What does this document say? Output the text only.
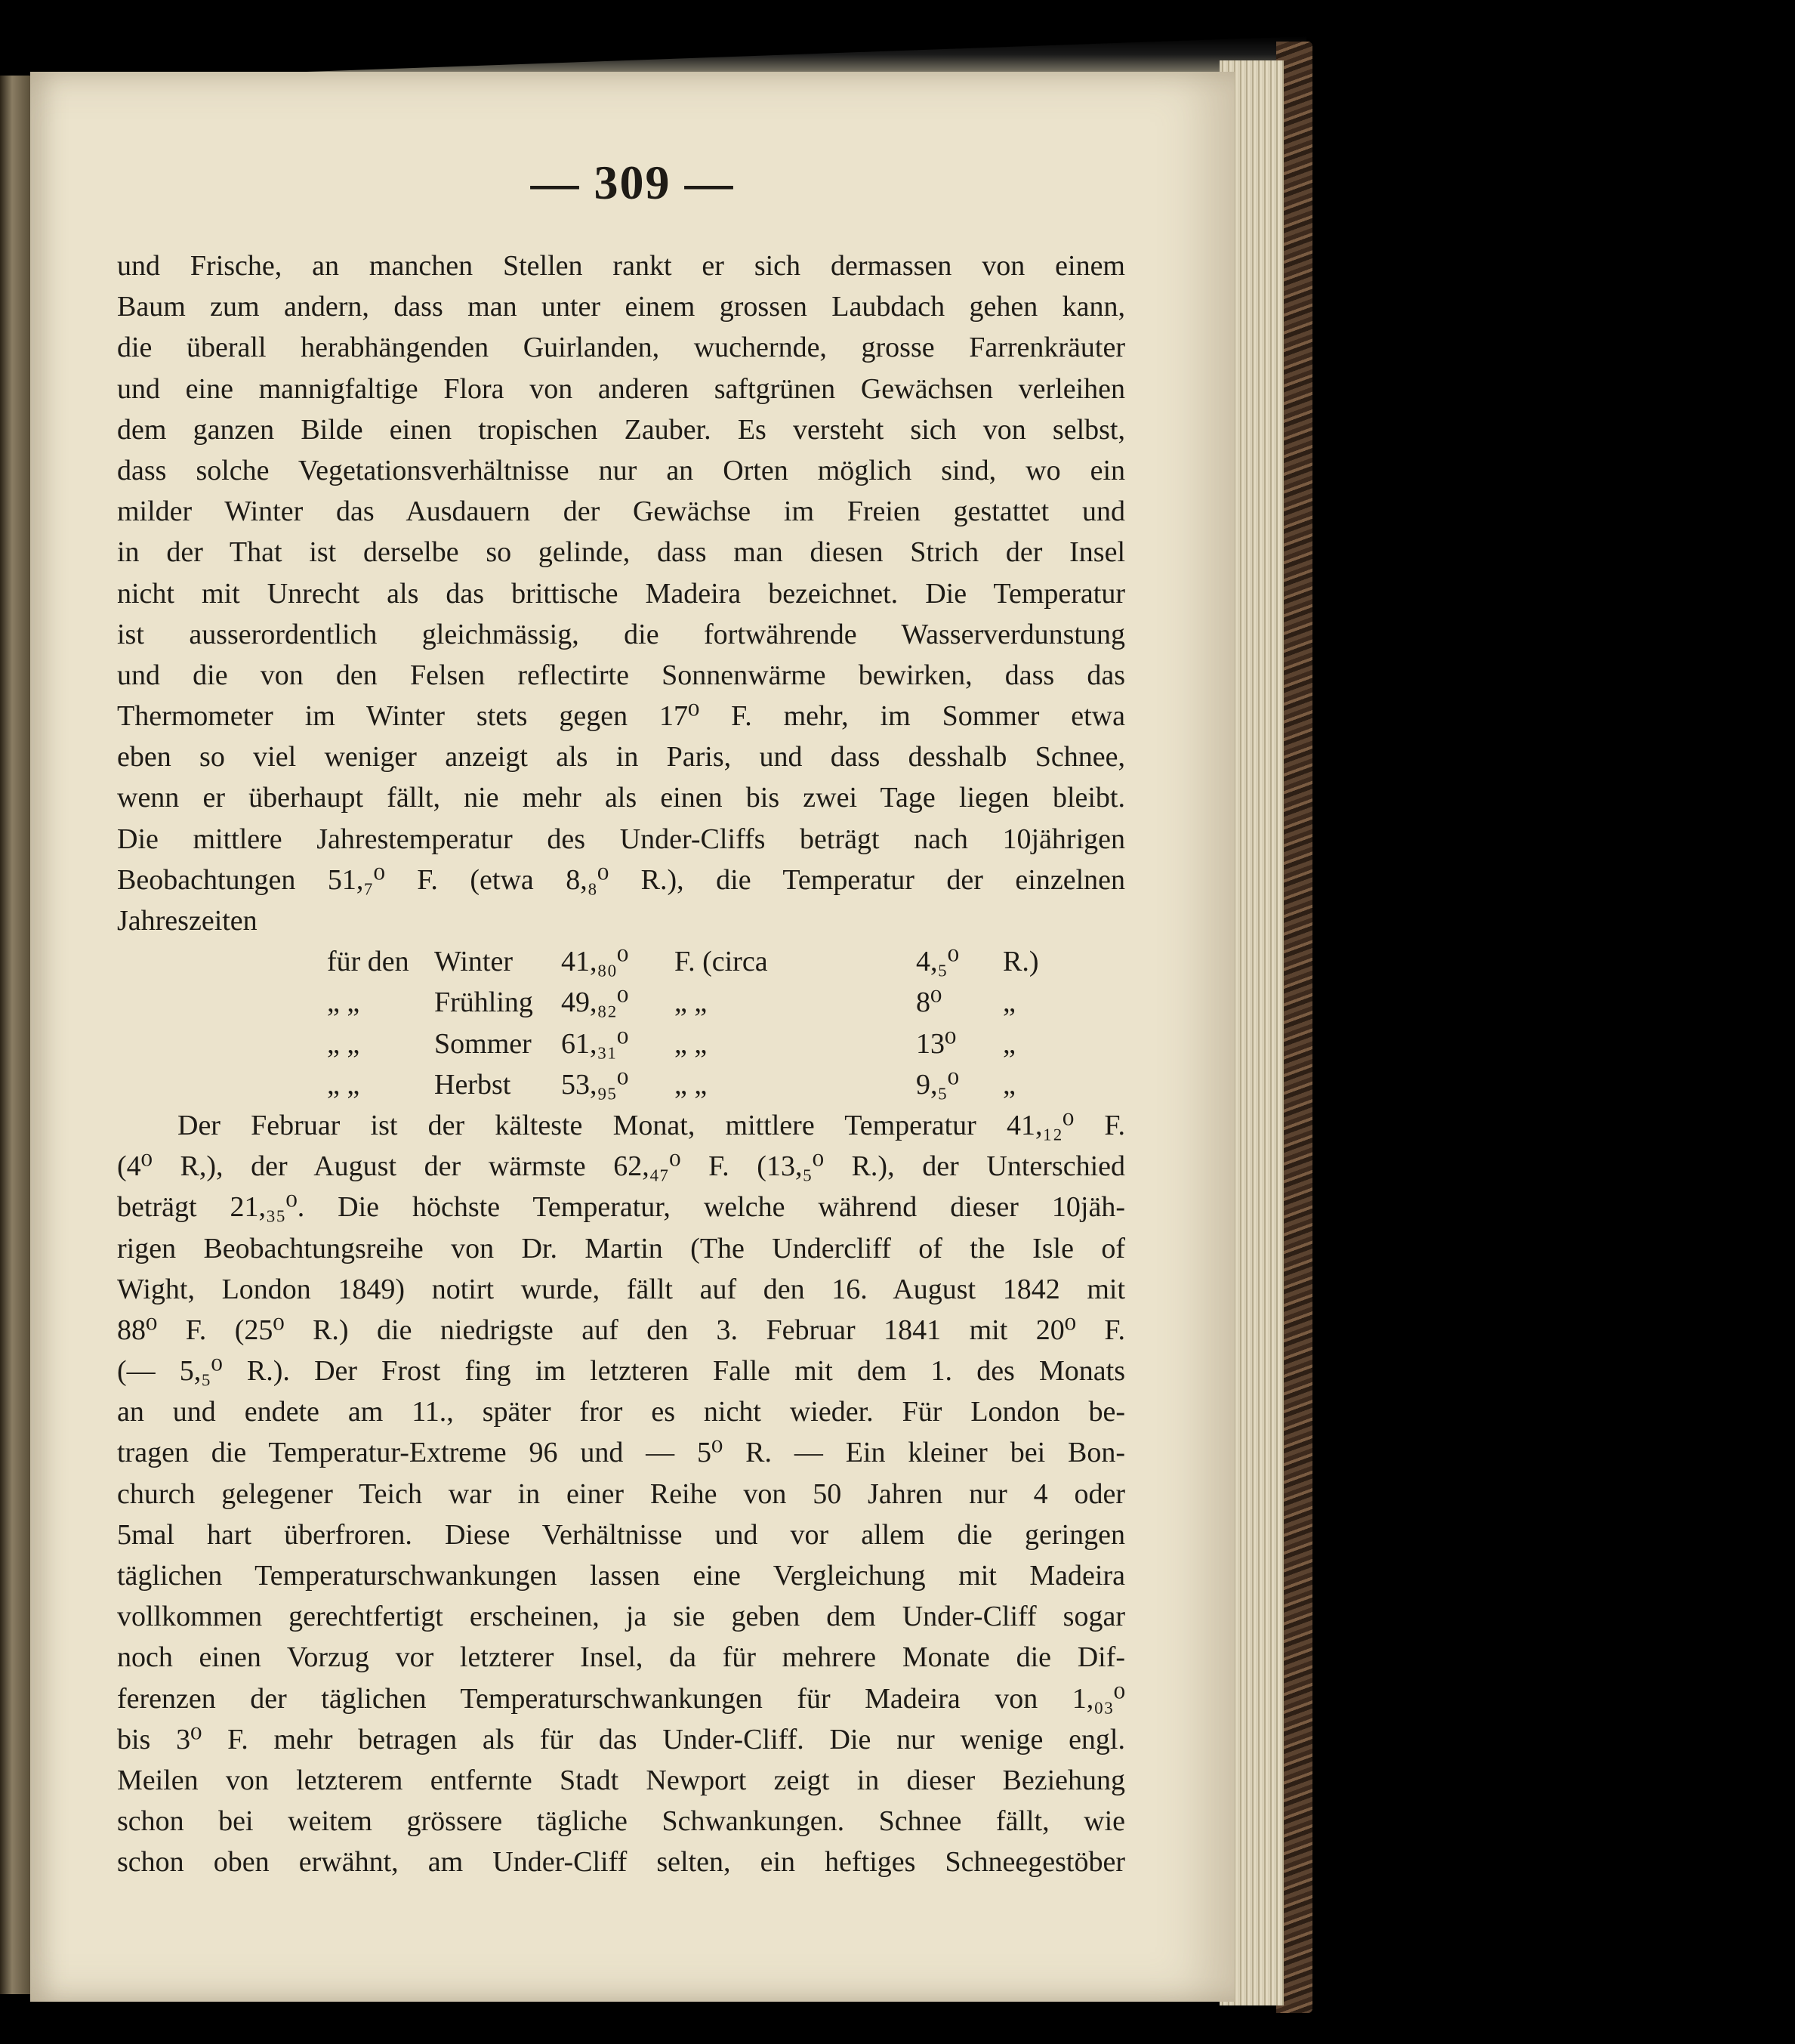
— 309 —
und Frische, an manchen Stellen rankt er sich dermassen von einem
Baum zum andern, dass man unter einem grossen Laubdach gehen kann,
die überall herabhängenden Guirlanden, wuchernde, grosse Farrenkräuter
und eine mannigfaltige Flora von anderen saftgrünen Gewächsen verleihen
dem ganzen Bilde einen tropischen Zauber. Es versteht sich von selbst,
dass solche Vegetationsverhältnisse nur an Orten möglich sind, wo ein
milder Winter das Ausdauern der Gewächse im Freien gestattet und
in der That ist derselbe so gelinde, dass man diesen Strich der Insel
nicht mit Unrecht als das brittische Madeira bezeichnet. Die Temperatur
ist ausserordentlich gleichmässig, die fortwährende Wasserverdunstung
und die von den Felsen reflectirte Sonnenwärme bewirken, dass das
Thermometer im Winter stets gegen 17⁰ F. mehr, im Sommer etwa
eben so viel weniger anzeigt als in Paris, und dass desshalb Schnee,
wenn er überhaupt fällt, nie mehr als einen bis zwei Tage liegen bleibt.
Die mittlere Jahrestemperatur des Under-Cliffs beträgt nach 10jährigen
Beobachtungen 51,₇⁰ F. (etwa 8,₈⁰ R.), die Temperatur der einzelnen
Jahreszeiten
für den Winter 41,₈₀⁰ F. (circa	4,₅⁰ R.)
„ „	Frühling 49,₈₂⁰ „ „	8⁰ „
„ „	Sommer 61,₃₁⁰ „ „	13⁰ „
„ „	Herbst 53,₉₅⁰ „ „	9,₅⁰ „
Der Februar ist der kälteste Monat, mittlere Temperatur 41,₁₂⁰ F.
(4⁰ R,), der August der wärmste 62,₄₇⁰ F. (13,₅⁰ R.), der Unterschied
beträgt 21,₃₅⁰. Die höchste Temperatur, welche während dieser 10jäh-
rigen Beobachtungsreihe von Dr. Martin (The Undercliff of the Isle of
Wight, London 1849) notirt wurde, fällt auf den 16. August 1842 mit
88⁰ F. (25⁰ R.) die niedrigste auf den 3. Februar 1841 mit 20⁰ F.
(— 5,₅⁰ R.). Der Frost fing im letzteren Falle mit dem 1. des Monats
an und endete am 11., später fror es nicht wieder. Für London be-
tragen die Temperatur-Extreme 96 und — 5⁰ R. — Ein kleiner bei Bon-
church gelegener Teich war in einer Reihe von 50 Jahren nur 4 oder
5mal hart überfroren. Diese Verhältnisse und vor allem die geringen
täglichen Temperaturschwankungen lassen eine Vergleichung mit Madeira
vollkommen gerechtfertigt erscheinen, ja sie geben dem Under-Cliff sogar
noch einen Vorzug vor letzterer Insel, da für mehrere Monate die Dif-
ferenzen der täglichen Temperaturschwankungen für Madeira von 1,₀₃⁰
bis 3⁰ F. mehr betragen als für das Under-Cliff. Die nur wenige engl.
Meilen von letzterem entfernte Stadt Newport zeigt in dieser Beziehung
schon bei weitem grössere tägliche Schwankungen. Schnee fällt, wie
schon oben erwähnt, am Under-Cliff selten, ein heftiges Schneegestöber
